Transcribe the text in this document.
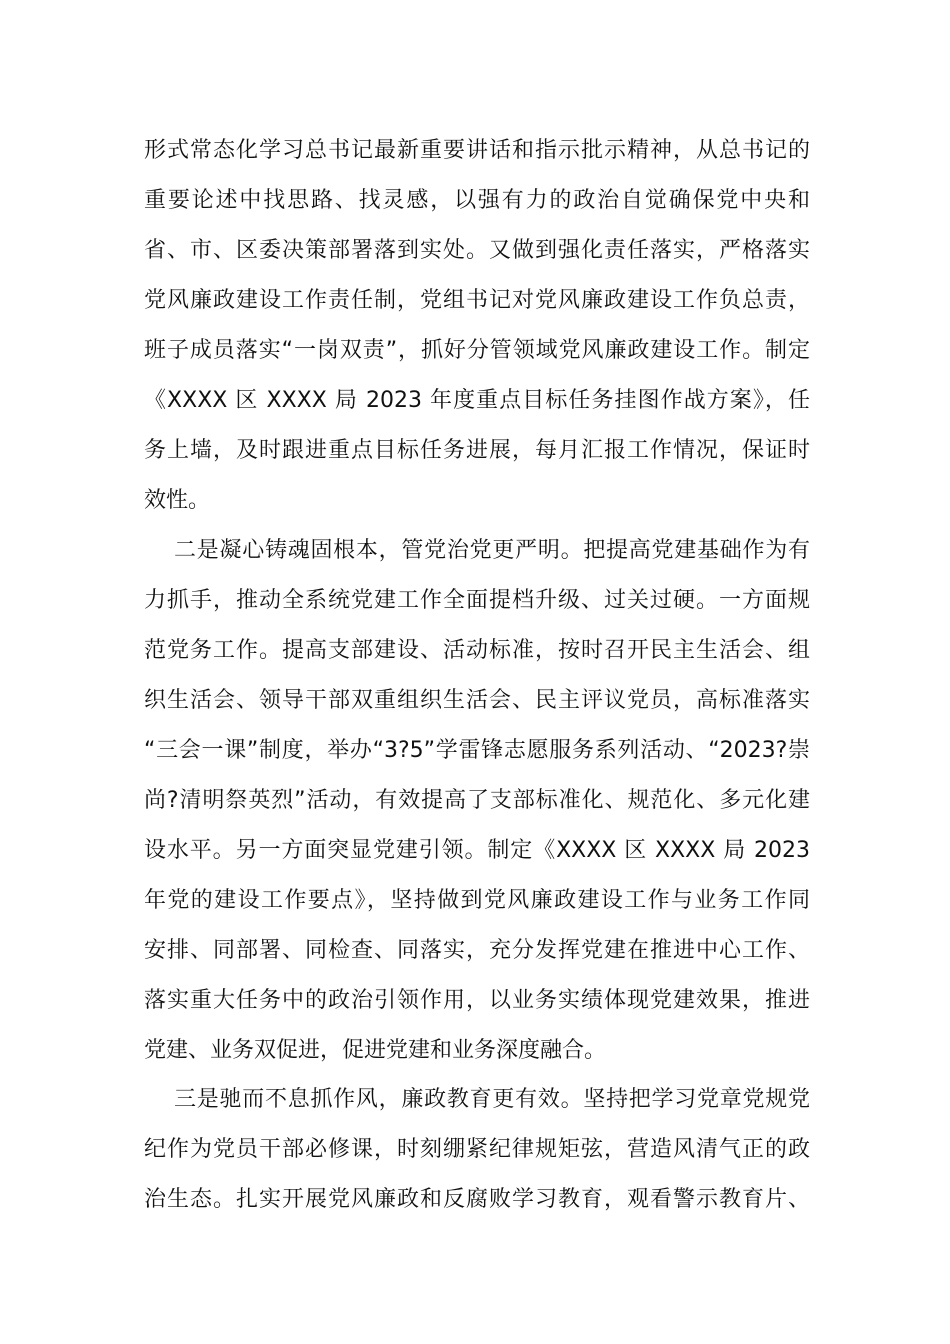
形式常态化学习总书记最新重要讲话和指示批示精神，从总书记的
重要论述中找思路、找灵感，以强有力的政治自觉确保党中央和
省、市、区委决策部署落到实处。又做到强化责任落实，严格落实
党风廉政建设工作责任制，党组书记对党风廉政建设工作负总责，
班子成员落实“一岗双责”，抓好分管领域党风廉政建设工作。制定
《XXXX 区 XXXX 局 2023 年度重点目标任务挂图作战方案》，任
务上墙，及时跟进重点目标任务进展，每月汇报工作情况，保证时
效性。
二是凝心铸魂固根本，管党治党更严明。把提高党建基础作为有
力抓手，推动全系统党建工作全面提档升级、过关过硬。一方面规
范党务工作。提高支部建设、活动标准，按时召开民主生活会、组
织生活会、领导干部双重组织生活会、民主评议党员，高标准落实
“三会一课”制度，举办“3?5”学雷锋志愿服务系列活动、“2023?崇
尚?清明祭英烈”活动，有效提高了支部标准化、规范化、多元化建
设水平。另一方面突显党建引领。制定《XXXX 区 XXXX 局 2023
年党的建设工作要点》，坚持做到党风廉政建设工作与业务工作同
安排、同部署、同检查、同落实，充分发挥党建在推进中心工作、
落实重大任务中的政治引领作用，以业务实绩体现党建效果，推进
党建、业务双促进，促进党建和业务深度融合。
三是驰而不息抓作风，廉政教育更有效。坚持把学习党章党规党
纪作为党员干部必修课，时刻绷紧纪律规矩弦，营造风清气正的政
治生态。扎实开展党风廉政和反腐败学习教育，观看警示教育片、
